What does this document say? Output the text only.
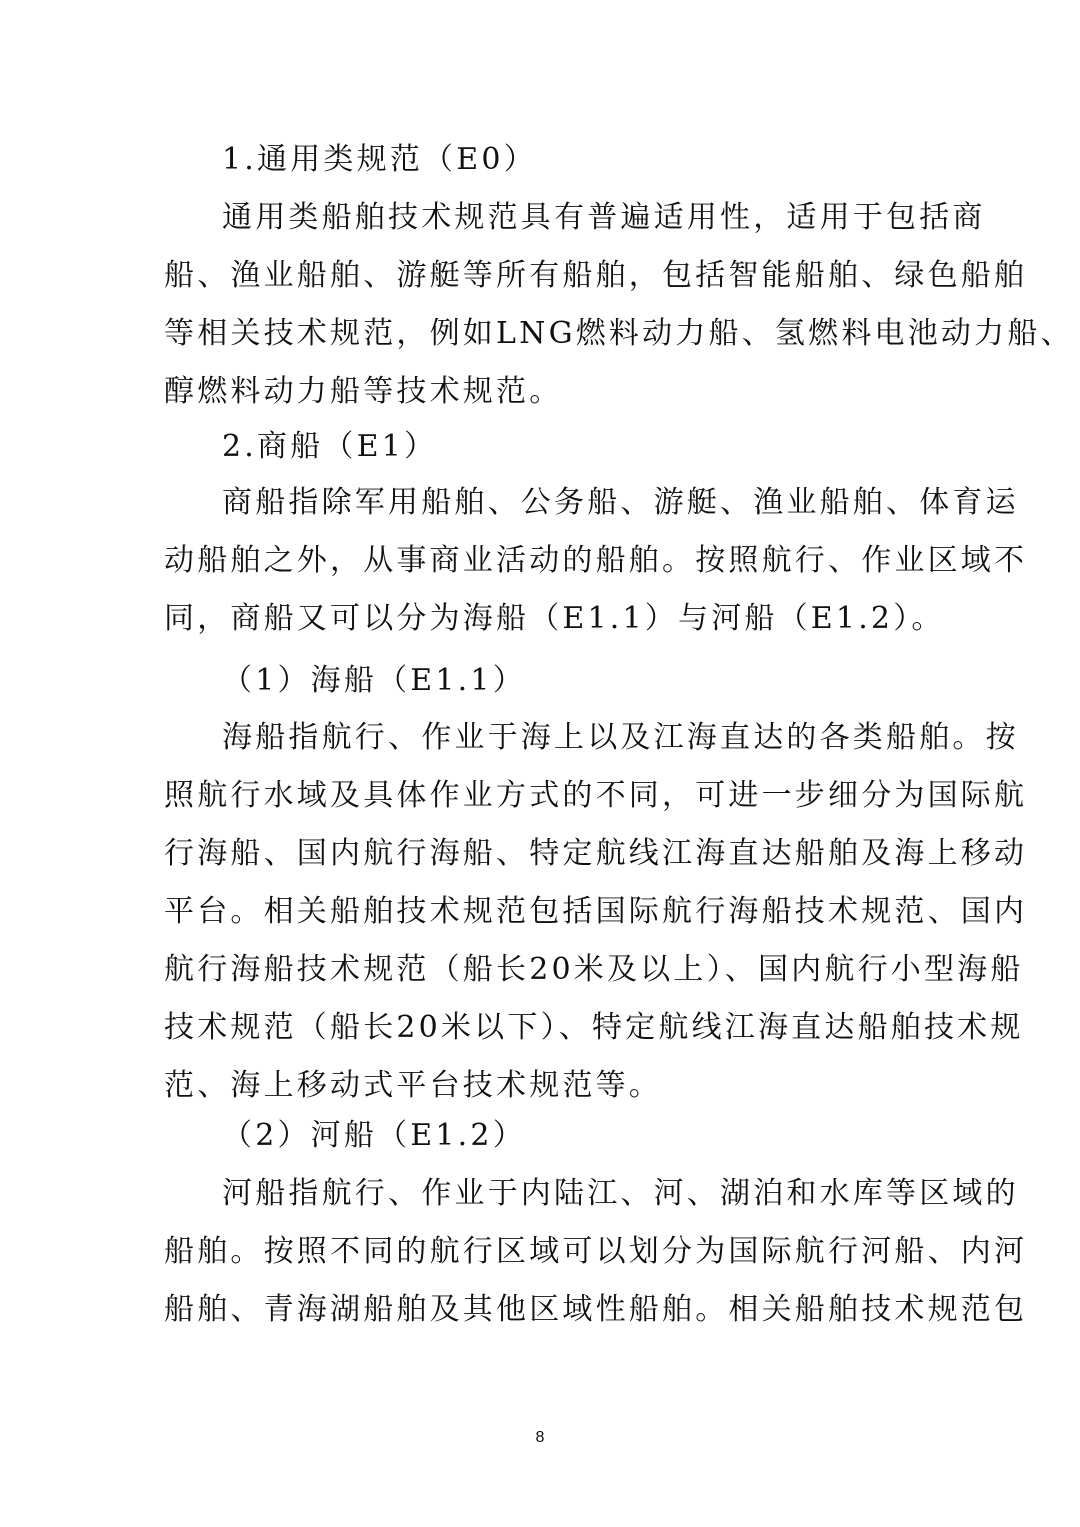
1.通用类规范（E0）
通用类船舶技术规范具有普遍适用性，适用于包括商
船、渔业船舶、游艇等所有船舶，包括智能船舶、绿色船舶
等相关技术规范，例如LNG燃料动力船、氢燃料电池动力船、
醇燃料动力船等技术规范。
2.商船（E1）
商船指除军用船舶、公务船、游艇、渔业船舶、体育运
动船舶之外，从事商业活动的船舶。按照航行、作业区域不
同，商船又可以分为海船（E1.1）与河船（E1.2）。
（1）海船（E1.1）
海船指航行、作业于海上以及江海直达的各类船舶。按
照航行水域及具体作业方式的不同，可进一步细分为国际航
行海船、国内航行海船、特定航线江海直达船舶及海上移动
平台。相关船舶技术规范包括国际航行海船技术规范、国内
航行海船技术规范（船长20米及以上）、国内航行小型海船
技术规范（船长20米以下）、特定航线江海直达船舶技术规
范、海上移动式平台技术规范等。
（2）河船（E1.2）
河船指航行、作业于内陆江、河、湖泊和水库等区域的
船舶。按照不同的航行区域可以划分为国际航行河船、内河
船舶、青海湖船舶及其他区域性船舶。相关船舶技术规范包
8
